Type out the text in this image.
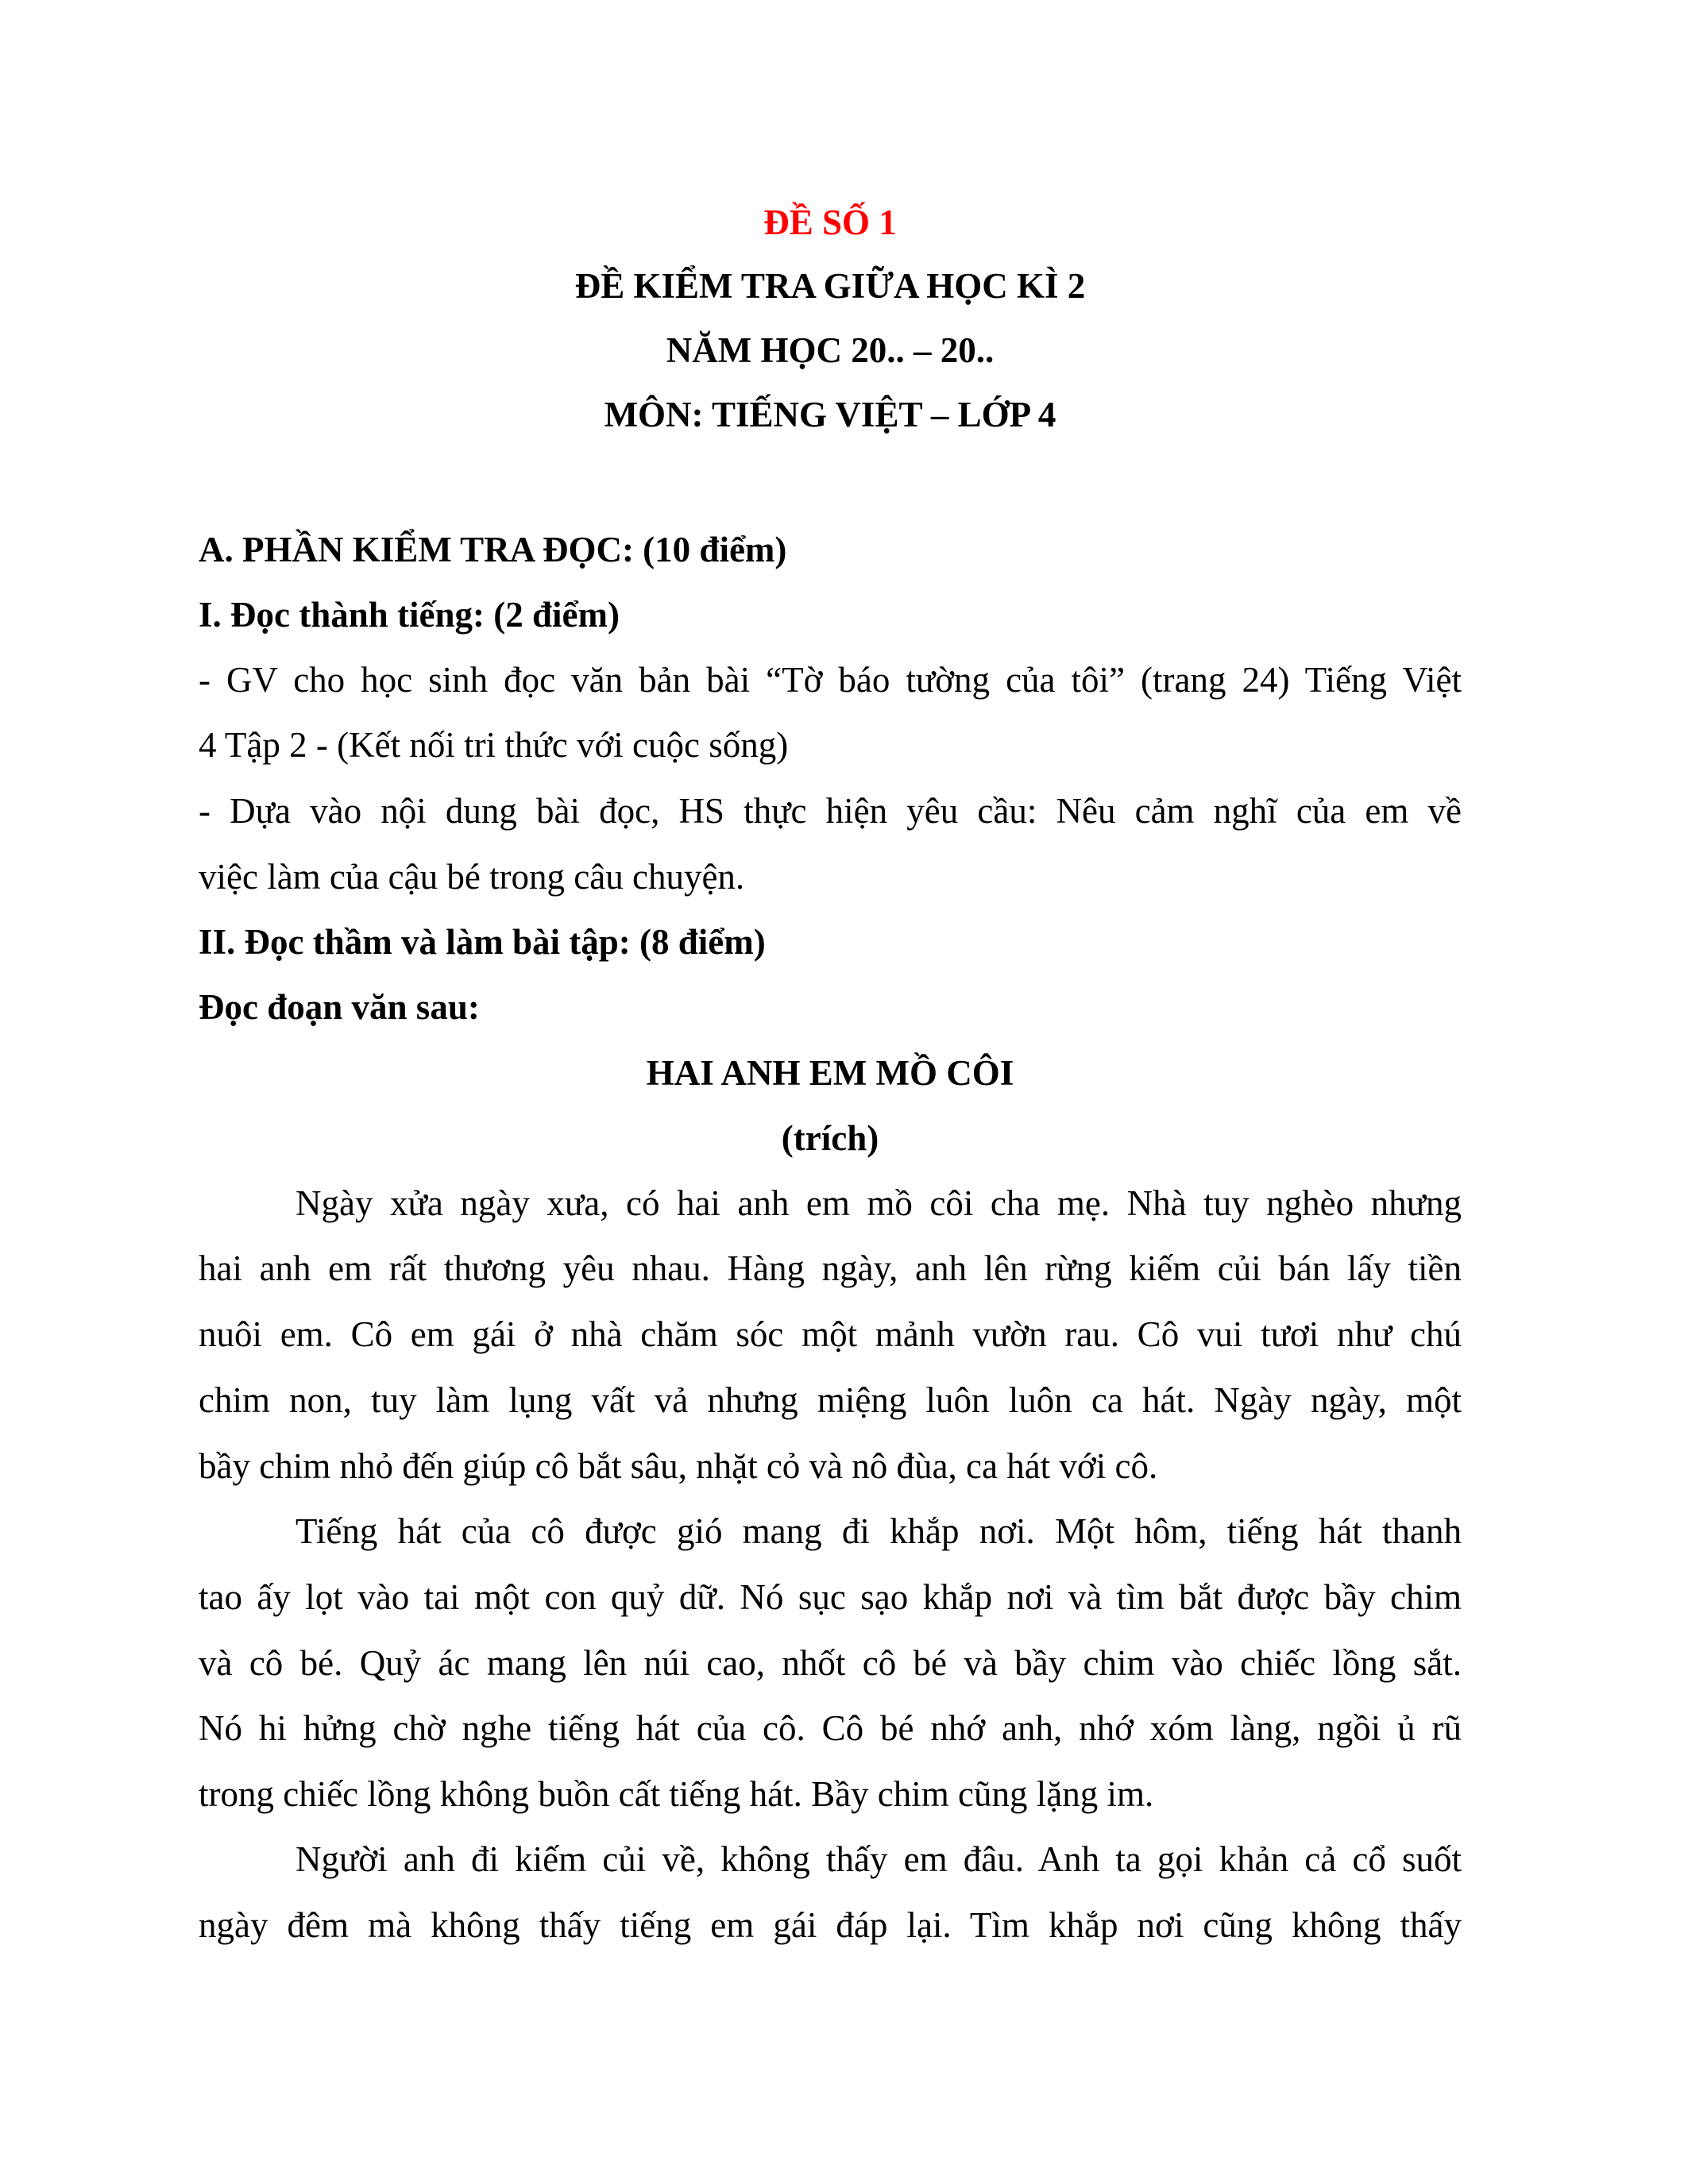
ĐỀ SỐ 1
ĐỀ KIỂM TRA GIỮA HỌC KÌ 2
NĂM HỌC 20.. – 20..
MÔN: TIẾNG VIỆT – LỚP 4
A. PHẦN KIỂM TRA ĐỌC: (10 điểm)
I. Đọc thành tiếng: (2 điểm)
- GV cho học sinh đọc văn bản bài “Tờ báo tường của tôi” (trang 24) Tiếng Việt
4 Tập 2 - (Kết nối tri thức với cuộc sống)
- Dựa vào nội dung bài đọc, HS thực hiện yêu cầu: Nêu cảm nghĩ của em về
việc làm của cậu bé trong câu chuyện.
II. Đọc thầm và làm bài tập: (8 điểm)
Đọc đoạn văn sau:
HAI ANH EM MỒ CÔI
(trích)
Ngày xửa ngày xưa, có hai anh em mồ côi cha mẹ. Nhà tuy nghèo nhưng
hai anh em rất thương yêu nhau. Hàng ngày, anh lên rừng kiếm củi bán lấy tiền
nuôi em. Cô em gái ở nhà chăm sóc một mảnh vườn rau. Cô vui tươi như chú
chim non, tuy làm lụng vất vả nhưng miệng luôn luôn ca hát. Ngày ngày, một
bầy chim nhỏ đến giúp cô bắt sâu, nhặt cỏ và nô đùa, ca hát với cô.
Tiếng hát của cô được gió mang đi khắp nơi. Một hôm, tiếng hát thanh
tao ấy lọt vào tai một con quỷ dữ. Nó sục sạo khắp nơi và tìm bắt được bầy chim
và cô bé. Quỷ ác mang lên núi cao, nhốt cô bé và bầy chim vào chiếc lồng sắt.
Nó hi hửng chờ nghe tiếng hát của cô. Cô bé nhớ anh, nhớ xóm làng, ngồi ủ rũ
trong chiếc lồng không buồn cất tiếng hát. Bầy chim cũng lặng im.
Người anh đi kiếm củi về, không thấy em đâu. Anh ta gọi khản cả cổ suốt
ngày đêm mà không thấy tiếng em gái đáp lại. Tìm khắp nơi cũng không thấy
